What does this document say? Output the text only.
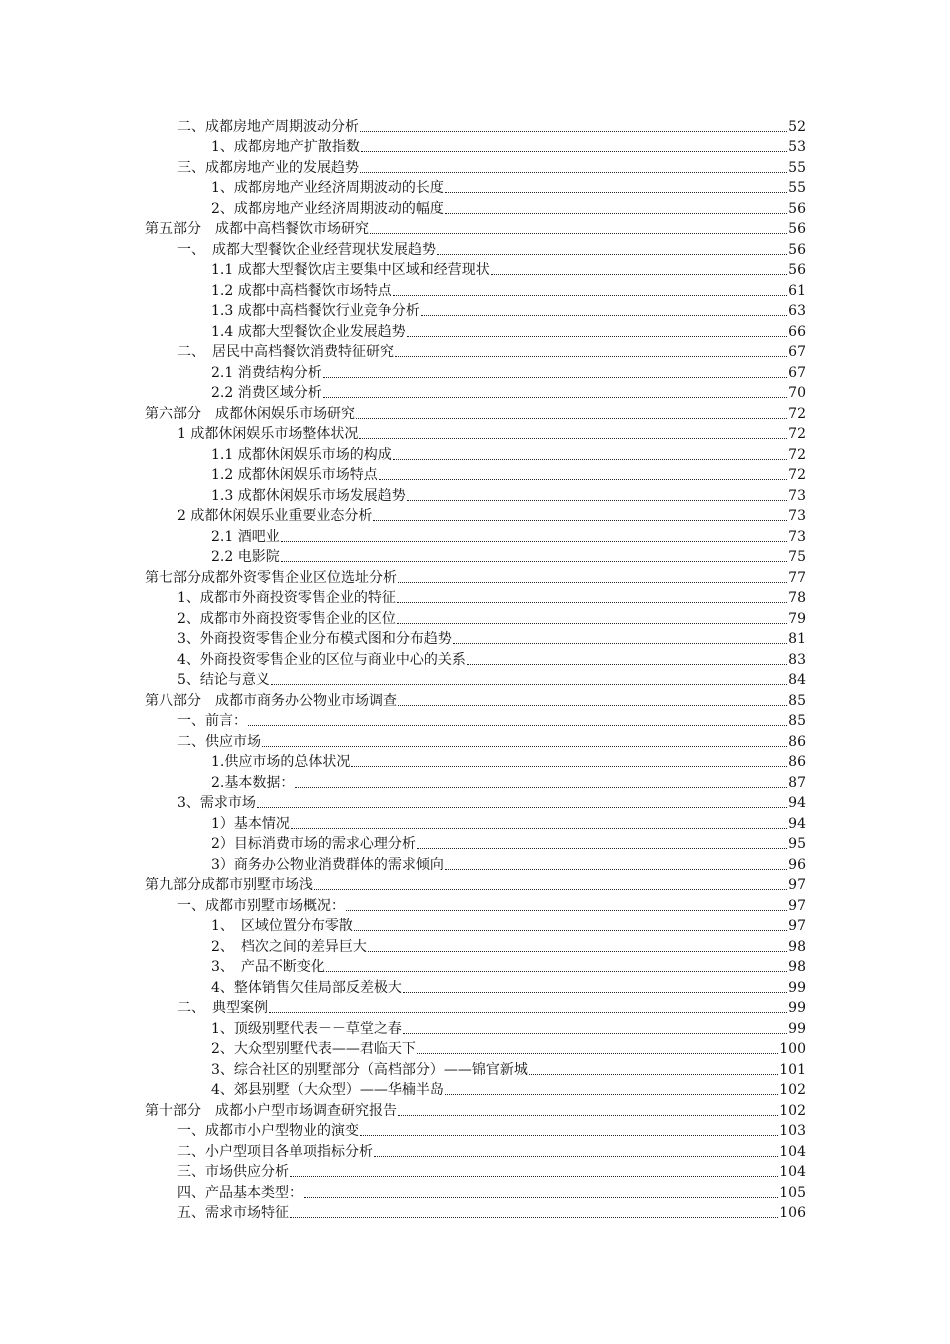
二、成都房地产周期波动分析	52
1、成都房地产扩散指数	53
三、成都房地产业的发展趋势	55
1、成都房地产业经济周期波动的长度	55
2、成都房地产业经济周期波动的幅度	56
第五部分　成都中高档餐饮市场研究	56
一、　成都大型餐饮企业经营现状发展趋势	56
1.1 成都大型餐饮店主要集中区域和经营现状	56
1.2 成都中高档餐饮市场特点	61
1.3 成都中高档餐饮行业竞争分析	63
1.4 成都大型餐饮企业发展趋势	66
二、　居民中高档餐饮消费特征研究	67
2.1 消费结构分析	67
2.2 消费区域分析	70
第六部分　成都休闲娱乐市场研究	72
1 成都休闲娱乐市场整体状况	72
1.1 成都休闲娱乐市场的构成	72
1.2 成都休闲娱乐市场特点	72
1.3 成都休闲娱乐市场发展趋势	73
2 成都休闲娱乐业重要业态分析	73
2.1 酒吧业	73
2.2 电影院	75
第七部分成都外资零售企业区位选址分析	77
1、成都市外商投资零售企业的特征	78
2、成都市外商投资零售企业的区位	79
3、外商投资零售企业分布模式图和分布趋势	81
4、外商投资零售企业的区位与商业中心的关系	83
5、结论与意义	84
第八部分　成都市商务办公物业市场调查	85
一、前言：	85
二、供应市场	86
1.供应市场的总体状况	86
2.基本数据：	87
3、需求市场	94
1）基本情况	94
2）目标消费市场的需求心理分析	95
3）商务办公物业消费群体的需求倾向	96
第九部分成都市别墅市场浅	97
一、成都市别墅市场概况：	97
1、　区域位置分布零散	97
2、　档次之间的差异巨大	98
3、　产品不断变化	98
4、整体销售欠佳局部反差极大	99
二、　典型案例	99
1、顶级别墅代表－－草堂之春	99
2、大众型别墅代表——君临天下	100
3、综合社区的别墅部分（高档部分）——锦官新城	101
4、郊县别墅（大众型）——华楠半岛	102
第十部分　成都小户型市场调查研究报告	102
一、成都市小户型物业的演变	103
二、小户型项目各单项指标分析	104
三、市场供应分析	104
四、产品基本类型：	105
五、需求市场特征	106
